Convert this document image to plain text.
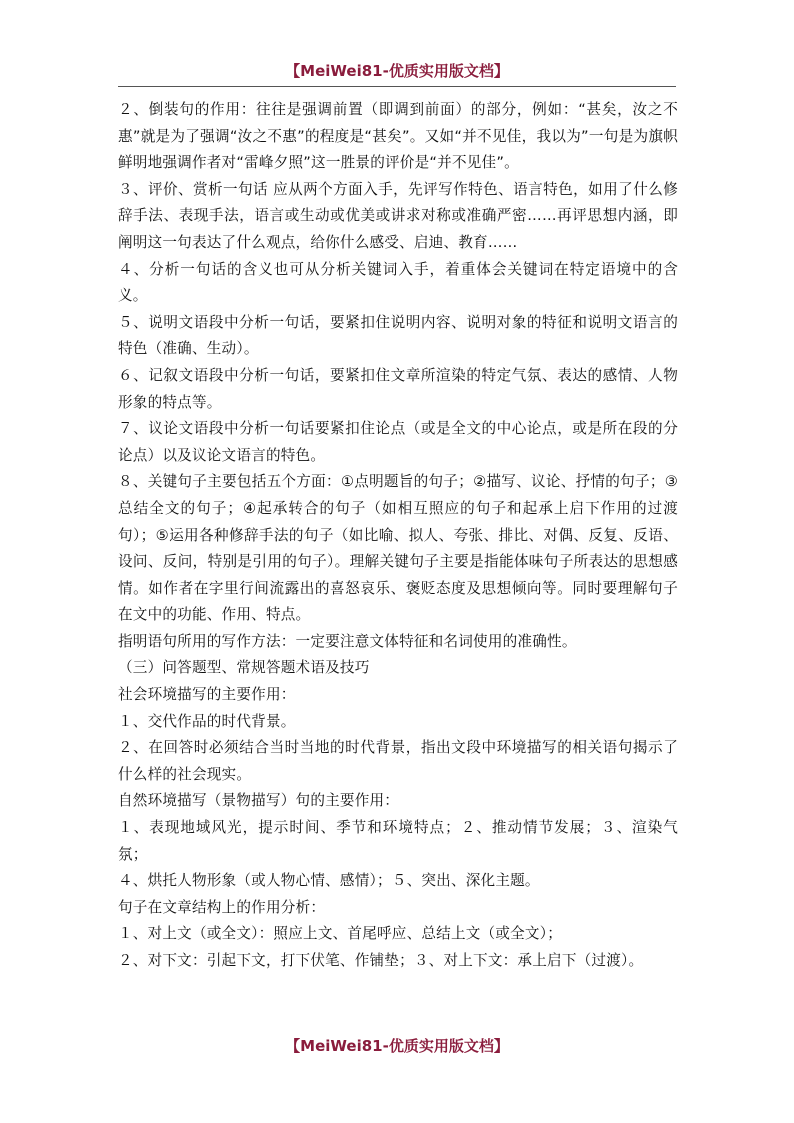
【MeiWei81-优质实用版文档】

２、倒装句的作用：往往是强调前置（即调到前面）的部分，例如：“甚矣，汝之不惠”就是为了强调“汝之不惠”的程度是“甚矣”。又如“并不见佳，我以为”一句是为旗帜鲜明地强调作者对“雷峰夕照”这一胜景的评价是“并不见佳”。

３、评价、赏析一句话 应从两个方面入手，先评写作特色、语言特色，如用了什么修辞手法、表现手法，语言或生动或优美或讲求对称或准确严密……再评思想内涵，即阐明这一句表达了什么观点，给你什么感受、启迪、教育……

４、分析一句话的含义也可从分析关键词入手，着重体会关键词在特定语境中的含义。

５、说明文语段中分析一句话，要紧扣住说明内容、说明对象的特征和说明文语言的特色（准确、生动）。

６、记叙文语段中分析一句话，要紧扣住文章所渲染的特定气氛、表达的感情、人物形象的特点等。

７、议论文语段中分析一句话要紧扣住论点（或是全文的中心论点，或是所在段的分论点）以及议论文语言的特色。

８、关键句子主要包括五个方面：①点明题旨的句子；②描写、议论、抒情的句子；③总结全文的句子；④起承转合的句子（如相互照应的句子和起承上启下作用的过渡句）；⑤运用各种修辞手法的句子（如比喻、拟人、夸张、排比、对偶、反复、反语、设问、反问，特别是引用的句子）。理解关键句子主要是指能体味句子所表达的思想感情。如作者在字里行间流露出的喜怒哀乐、褒贬态度及思想倾向等。同时要理解句子在文中的功能、作用、特点。

指明语句所用的写作方法：一定要注意文体特征和名词使用的准确性。

（三）问答题型、常规答题术语及技巧

社会环境描写的主要作用：

１、交代作品的时代背景。

２、在回答时必须结合当时当地的时代背景，指出文段中环境描写的相关语句揭示了什么样的社会现实。

自然环境描写（景物描写）句的主要作用：

１、表现地域风光，提示时间、季节和环境特点；２、推动情节发展；３、渲染气氛；

４、烘托人物形象（或人物心情、感情）；５、突出、深化主题。

句子在文章结构上的作用分析：

１、对上文（或全文）：照应上文、首尾呼应、总结上文（或全文）；

２、对下文：引起下文，打下伏笔、作铺垫；３、对上下文：承上启下（过渡）。

【MeiWei81-优质实用版文档】
